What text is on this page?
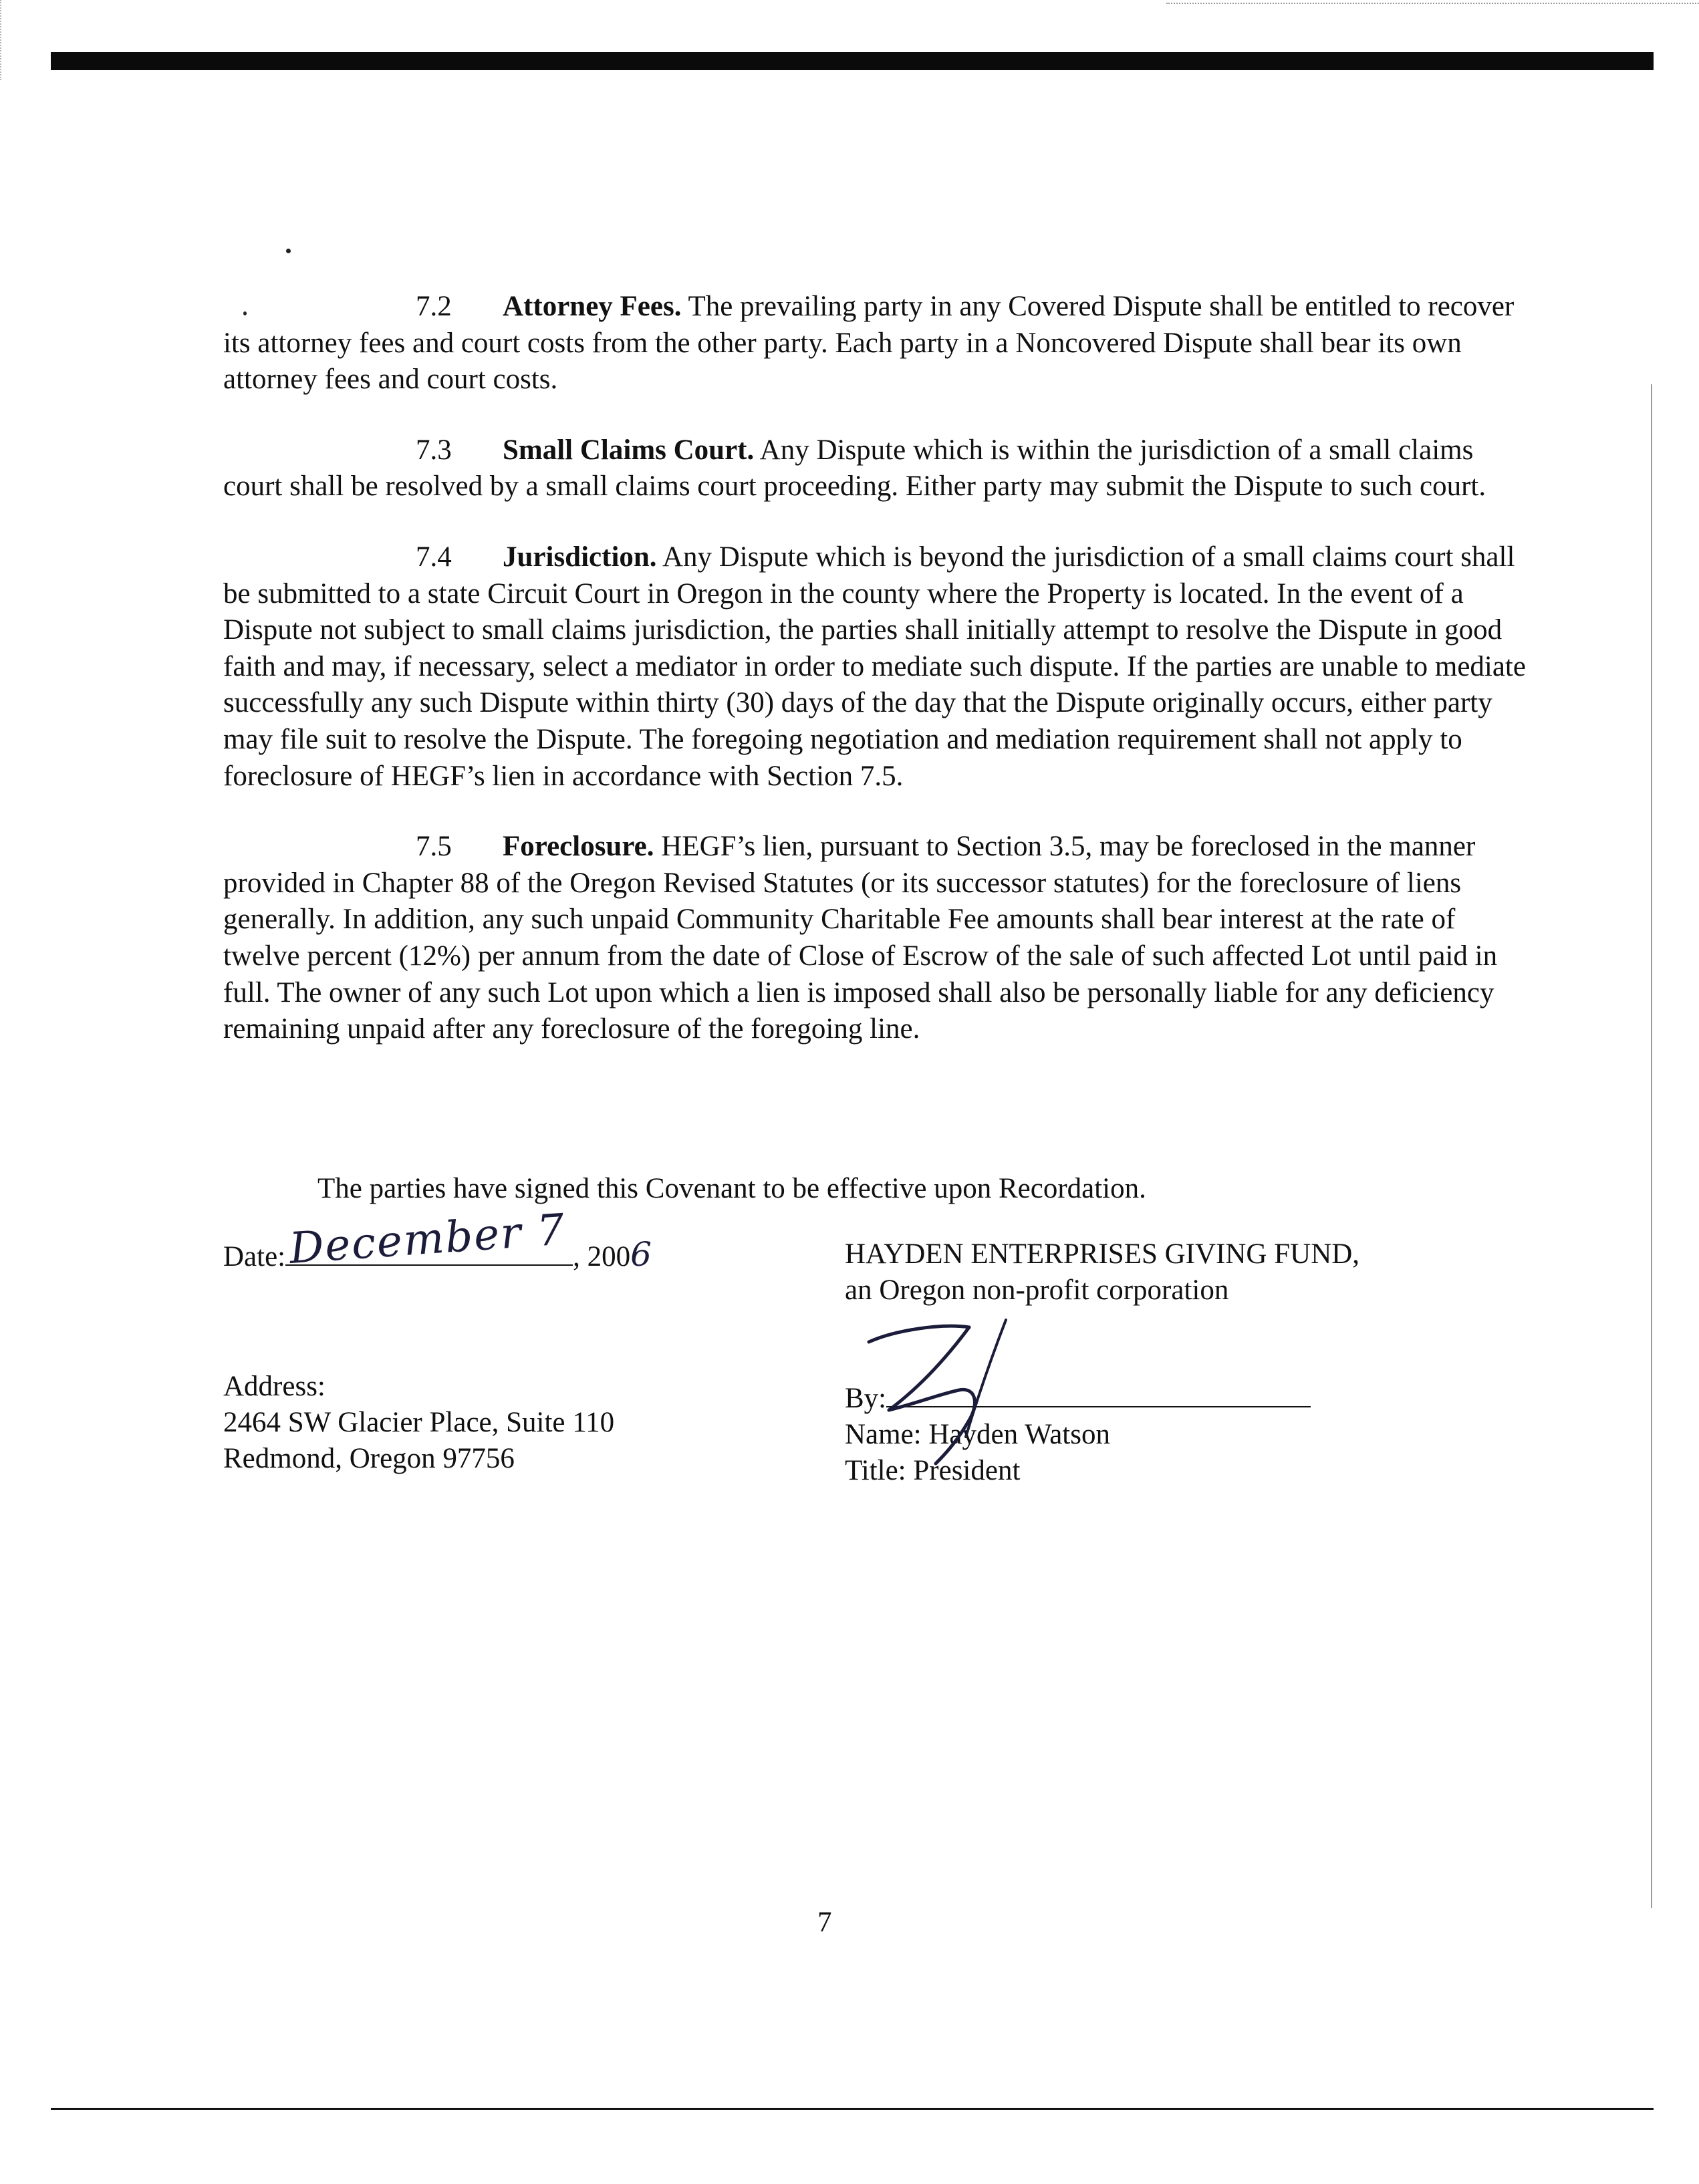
7.2 Attorney Fees. The prevailing party in any Covered Dispute shall be entitled to recover its attorney fees and court costs from the other party. Each party in a Noncovered Dispute shall bear its own attorney fees and court costs.

7.3 Small Claims Court. Any Dispute which is within the jurisdiction of a small claims court shall be resolved by a small claims court proceeding. Either party may submit the Dispute to such court.

7.4 Jurisdiction. Any Dispute which is beyond the jurisdiction of a small claims court shall be submitted to a state Circuit Court in Oregon in the county where the Property is located. In the event of a Dispute not subject to small claims jurisdiction, the parties shall initially attempt to resolve the Dispute in good faith and may, if necessary, select a mediator in order to mediate such dispute. If the parties are unable to mediate successfully any such Dispute within thirty (30) days of the day that the Dispute originally occurs, either party may file suit to resolve the Dispute. The foregoing negotiation and mediation requirement shall not apply to foreclosure of HEGF’s lien in accordance with Section 7.5.

7.5 Foreclosure. HEGF’s lien, pursuant to Section 3.5, may be foreclosed in the manner provided in Chapter 88 of the Oregon Revised Statutes (or its successor statutes) for the foreclosure of liens generally. In addition, any such unpaid Community Charitable Fee amounts shall bear interest at the rate of twelve percent (12%) per annum from the date of Close of Escrow of the sale of such affected Lot until paid in full. The owner of any such Lot upon which a lien is imposed shall also be personally liable for any deficiency remaining unpaid after any foreclosure of the foregoing line.

The parties have signed this Covenant to be effective upon Recordation.

Date: December 7 , 2006
Address:
2464 SW Glacier Place, Suite 110
Redmond, Oregon 97756
HAYDEN ENTERPRISES GIVING FUND,
an Oregon non-profit corporation
By:
Name: Hayden Watson
Title: President
7
